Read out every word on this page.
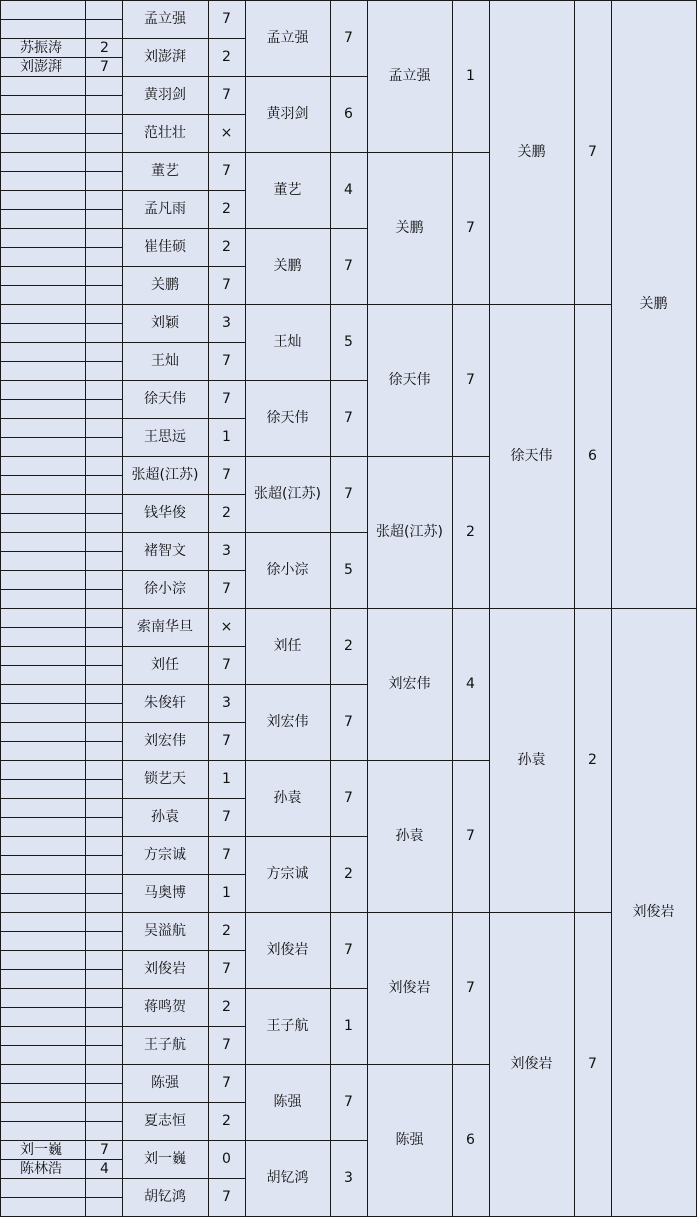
苏振涛	2
刘澎湃	7
刘一巍	7
陈林浩	4
孟立强	7
刘澎湃	2
黄羽剑	7
范壮壮	×
董艺	7
孟凡雨	2
崔佳硕	2
关鹏	7
刘颖	3
王灿	7
徐天伟	7
王思远	1
张超(江苏)	7
钱华俊	2
褚智文	3
徐小淙	7
索南华旦	×
刘任	7
朱俊轩	3
刘宏伟	7
锁艺天	1
孙袁	7
方宗诚	7
马奥博	1
吴溢航	2
刘俊岩	7
蒋鸣贺	2
王子航	7
陈强	7
夏志恒	2
刘一巍	0
胡钇鸿	7
孟立强	7
黄羽剑	6
董艺	4
关鹏	7
王灿	5
徐天伟	7
张超(江苏)	7
徐小淙	5
刘任	2
刘宏伟	7
孙袁	7
方宗诚	2
刘俊岩	7
王子航	1
陈强	7
胡钇鸿	3
孟立强	1
关鹏	7
徐天伟	7
张超(江苏)	2
刘宏伟	4
孙袁	7
刘俊岩	7
陈强	6
关鹏	7
徐天伟	6
孙袁	2
刘俊岩	7
关鹏
刘俊岩
